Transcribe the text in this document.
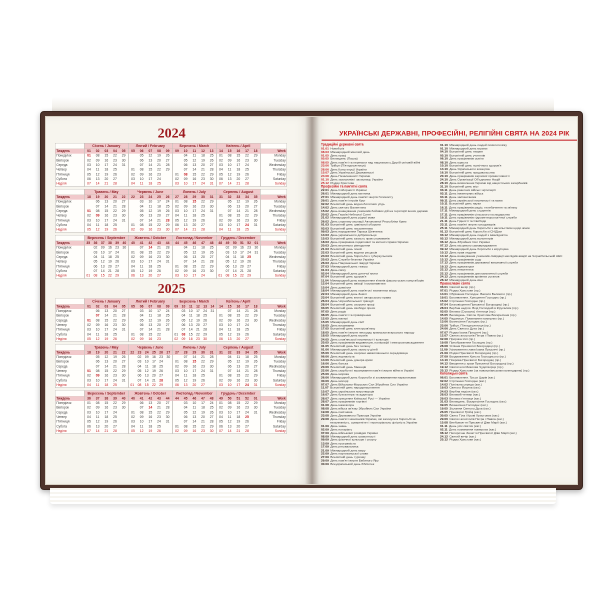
2024
Тиждень
Понеділок
Вівторок
Середа
Четвер
П'ятниця
Субота
Неділя
Січень / January
01 02 03 04 05
01 08 15 22 29
02 09 16 23 30
03 10 17 24 31
04 11 18 25
05 12 19 26
06 13 20 27
07 14 21 28
Лютий / February
05 06 07 08 09
05 12 19 26
06 13 20 27
07 14 21 28
01 08 15 22 29
02 09 16 23
03 10 17 24
04 11 18 25
Березень / March
09 10 11 12 13
04 11 18 25
05 12 19 26
06 13 20 27
07 14 21 28
01 08 15 22 29
02 09 16 23 30
03 10 17 24 31
Квітень / April
14 15 16 17 18
01 08 15 22 29
02 09 16 23 30
03 10 17 24
04 11 18 25
05 12 19 26
06 13 20 27
07 14 21 28
Week
Monday
Tuesday
Wednesday
Thursday
Friday
Saturday
Sunday
Тиждень
Понеділок
Вівторок
Середа
Четвер
П'ятниця
Субота
Неділя
Травень / May
18 19 20 21 22
06 13 20 27
07 14 21 28
01 08 15 22 29
02 09 16 23 30
03 10 17 24 31
04 11 18 25
05 12 19 26
Червень / June
22 23 24 25 26
03 10 17 24
04 11 18 25
05 12 19 26
06 13 20 27
07 14 21 28
01 08 15 22 29
02 09 16 23 30
Липень / July
27 28 29 30 31
01 08 15 22 29
02 09 16 23 30
03 10 17 24 31
04 11 18 25
05 12 19 26
06 13 20 27
07 14 21 28
Серпень / August
31 32 33 34 35
05 12 19 26
06 13 20 27
07 14 21 28
01 08 15 22 29
02 09 16 23 30
03 10 17 24 31
04 11 18 25
Week
Monday
Tuesday
Wednesday
Thursday
Friday
Saturday
Sunday
Тиждень
Понеділок
Вівторок
Середа
Четвер
П'ятниця
Субота
Неділя
Вересень / September
35 36 37 38 39 40
02 09 16 23 30
03 10 17 24
04 11 18 25
05 12 19 26
06 13 20 27
07 14 21 28
01 08 15 22 29
Жовтень / October
40 41 42 43 44
07 14 21 28
01 08 15 22 29
02 09 16 23 30
03 10 17 24 31
04 11 18 25
05 12 19 26
06 13 20 27
Листопад / November
44 45 46 47 48
04 11 18 25
05 12 19 26
06 13 20 27
07 14 21 28
01 08 15 22 29
02 09 16 23 30
03 10 17 24
Грудень / December
48 49 50 51 52 01
02 09 16 23 30
03 10 17 24 31
04 11 18 25
05 12 19 26
06 13 20 27
07 14 21 28
01 08 15 22 29
Week
Monday
Tuesday
Wednesday
Thursday
Friday
Saturday
Sunday
2025
Тиждень
Понеділок
Вівторок
Середа
Четвер
П'ятниця
Субота
Неділя
Січень / January
01 02 03 04 05
06 13 20 27
07 14 21 28
01 08 15 22 29
02 09 16 23 30
03 10 17 24 31
04 11 18 25
05 12 19 26
Лютий / February
05 06 07 08 09
03 10 17 24
04 11 18 25
05 12 19 26
06 13 20 27
07 14 21 28
01 08 15 22
02 09 16 23
Березень / March
09 10 11 12 13 14
03 10 17 24 31
04 11 18 25
05 12 19 26
06 13 20 27
07 14 21 28
01 08 15 22 29
02 09 16 23 30
Квітень / April
14 15 16 17 18
07 14 21 28
01 08 15 22 29
02 09 16 23 30
03 10 17 24
04 11 18 25
05 12 19 26
06 13 20 27
Week
Monday
Tuesday
Wednesday
Thursday
Friday
Saturday
Sunday
Тиждень
Понеділок
Вівторок
Середа
Четвер
П'ятниця
Субота
Неділя
Травень / May
18 19 20 21 22
05 12 19 26
06 13 20 27
07 14 21 28
01 08 15 22 29
02 09 16 23 30
03 10 17 24 31
04 11 18 25
Червень / June
22 23 24 25 26 27
02 09 16 23 30
03 10 17 24
04 11 18 25
05 12 19 26
06 13 20 27
07 14 21 28
01 08 15 22 29
Липень / July
27 28 29 30 31
07 14 21 28
01 08 15 22 29
02 09 16 23 30
03 10 17 24 31
04 11 18 25
05 12 19 26
06 13 20 27
Серпень / August
31 32 33 34 35
04 11 18 25
05 12 19 26
06 13 20 27
07 14 21 28
01 08 15 22 29
02 09 16 23 30
03 10 17 24 31
Week
Monday
Tuesday
Wednesday
Thursday
Friday
Saturday
Sunday
Тиждень
Понеділок
Вівторок
Середа
Четвер
П'ятниця
Субота
Неділя
Вересень / September
36 37 38 39 40
01 08 15 22 29
02 09 16 23 30
03 10 17 24
04 11 18 25
05 12 19 26
06 13 20 27
07 14 21 28
Жовтень / October
40 41 42 43 44
06 13 20 27
07 14 21 28
01 08 15 22 29
02 09 16 23 30
03 10 17 24 31
04 11 18 25
05 12 19 26
Листопад / November
44 45 46 47 48
03 10 17 24
04 11 18 25
05 12 19 26
06 13 20 27
07 14 21 28
01 08 15 22 29
02 09 16 23 30
Грудень / December
49 50 51 52 01
01 08 15 22 29
02 09 16 23 30
03 10 17 24 31
04 11 18 25
05 12 19 26
06 13 20 27
07 14 21 28
Week
Monday
Tuesday
Wednesday
Thursday
Friday
Saturday
Sunday
УКРАЇНСЬКІ ДЕРЖАВНІ, ПРОФЕСІЙНІ, РЕЛІГІЙНІ СВЯТА НА 2024 РІК
Традиційні державні свята
01.01 Новий рік
08.03 Міжнародний жіночий день
01.05 День праці
05.05 Великдень (Пасха)
08.05 День пам'яті та перемоги над нацизмом у Другій світовій війні
23.06 Трійця (П'ятидесятниця)
28.06 День Конституції України
15.07 День Української Державності
24.08 День Незалежності України
01.10 День захисників і захисниць України
25.12 Різдво Христове
Професійні та пам'ятні свята
22.01 День Соборності України
26.01 Міжнародний день митника
27.01 Міжнародний день пам'яті жертв Голокосту
29.01 День пам'яті героїв Крут
02.02 Всесвітній день водно-болотних угідь
14.02 День святого Валентина
15.02 День вшанування учасників бойових дій на території інших держав
20.02 День Героїв Небесної Сотні
21.02 Міжнародний день рідної мови
26.02 День спротиву окупації Автономної Республіки Крим
01.03 Всесвітній день цивільної оборони
03.03 Всесвітній день письменника
09.03 День народження Тараса Шевченка
14.03 День українського добровольця
15.03 Всесвітній день захисту прав споживачів
18.03 День працівника податкової та митної справи України
20.03 День весняного рівнодення
21.03 Всесвітній день поезії
22.03 Всесвітній день водних ресурсів
24.03 Всесвітній день боротьби з туберкульозом
25.03 День Служби безпеки України
26.03 День Національної гвардії України
27.03 Міжнародний день театру
01.04 День сміху
02.04 Міжнародний день дитячої книги
07.04 Всесвітній день здоров'я
11.04 Міжнародний день визволення в'язнів фашистських концтаборів
12.04 Всесвітній день авіації і космонавтики
15.04 День довкілля
18.04 Міжнародний день пам'яток і визначних місць
22.04 Міжнародний день Землі
23.04 Всесвітній день книги і авторського права
26.04 День Чорнобильської трагедії
28.04 Всесвітній день охорони праці
03.05 Всесвітній день свободи преси
07.05 День радіо
08.05 День пам'яті та примирення
12.05 День матері
15.05 Міжнародний день сім'ї
16.05 День вишиванки
17.05 Всесвітній день електрозв'язку
18.05 День пам'яті жертв геноциду кримськотатарського народу
18.05 Міжнародний день музеїв
24.05 День слов'янської писемності і культури
25.05 День працівників видавництв, поліграфії і книгорозповсюдження
31.05 Всесвітній день без тютюну
01.06 Міжнародний день захисту дітей
05.06 Всесвітній день охорони навколишнього середовища
06.06 День журналіста
14.06 Всесвітній день донора крові
16.06 День батька
20.06 Всесвітній день біженців
22.06 День скорботи і вшанування пам'яті жертв війни в Україні
25.06 День моряка
26.06 Міжнародний день боротьби зі зловживанням наркотиками
30.06 День молоді
07.07 День Військово-Морських Сил Збройних Сил України
11.07 Всесвітній день народонаселення
15.07 День українських миротворців
16.07 День бухгалтера та аудитора
28.07 День хрещення Київської Русі — України
28.07 День працівників торгівлі
01.08 День інкасатора
08.08 День військ зв'язку Збройних Сил України
19.08 День пасічника
23.08 День Державного Прапора України
29.08 День пам'яті захисників України, які загинули в боротьбі за незалежність, суверенітет і територіальну цілісність України
01.09 День знань
02.09 День нотаріату
07.09 День військової розвідки України
08.09 Міжнародний день грамотності
09.09 День фізичної культури і спорту
13.09 День програміста
17.09 День рятувальника
21.09 Міжнародний день миру
22.09 День партизанської слави
27.09 Всесвітній день туризму
29.09 День пам'яті жертв Бабиного Яру
30.09 Всеукраїнський день бібліотек
01.10 Міжнародний день людей похилого віку
01.10 Міжнародний день музики
04.10 Всесвітній день тварин
05.10 Всесвітній день учителів
06.10 День працівників освіти
08.10 День юриста
10.10 Всесвітній день психічного здоров'я
14.10 День Українського козацтва
16.10 Всесвітній день продовольства
20.10 День працівників харчової промисловості
24.10 День Організації Об'єднаних Націй
28.10 День визволення України від нацистських загарбників
31.10 Всесвітній день міст
03.11 День ракетних військ і артилерії
03.11 День інженерних військ
04.11 День залізничника
09.11 День української писемності та мови
10.11 Всесвітній день науки
16.11 День працівників радіо, телебачення та зв'язку
17.11 Міжнародний день студентів
17.11 День працівників сільського господарства
19.11 День працівників гідрометеорологічної служби
21.11 День Гідності та Свободи
23.11 День пам'яті жертв голодоморів
25.11 Міжнародний день боротьби з насильством щодо жінок
01.12 Всесвітній день боротьби зі СНІДом
03.12 Міжнародний день людей з інвалідністю
05.12 Міжнародний день волонтерів
06.12 День Збройних Сил України
07.12 День місцевого самоврядування
09.12 Міжнародний день боротьби з корупцією
10.12 День прав людини
14.12 День вшанування учасників ліквідації наслідків аварії на Чорнобильській АЕС
15.12 День працівників суду
17.12 День працівників державної виконавчої служби
19.12 День адвокатури
22.12 День енергетика
22.12 День працівників дипломатичної служби
24.12 День працівників архівних установ
28.12 Міжнародний день кіно
Православні свята
06.01 Святий вечір (пр.)
07.01 Різдво Христове (пр.)
14.01 Обрізання Господнє. Василя Великого (пр.)
19.01 Богоявлення. Хрещення Господнє (пр.)
15.02 Стрітення Господнє (пр.)
07.04 Благовіщення Пресвятої Богородиці (пр.)
28.04 Вербна неділя. Вхід Господній в Єрусалим (пр.)
03.05 Велика (Страсна) п'ятниця (пр.)
05.05 Великдень. Світле Христове Воскресіння (пр.)
14.05 Радониця. Поминання померлих (пр.)
13.06 Вознесіння Господнє (пр.)
23.06 Трійця. П'ятидесятниця (пр.)
24.06 День Святого Духа (пр.)
07.07 Різдво Іоана Предтечі (пр.)
12.07 Святих апостолів Петра і Павла (пр.)
02.08 Пророка Іллі (пр.)
19.08 Преображення Господнє (пр.)
28.08 Успіння Пресвятої Богородиці (пр.)
11.09 Усікновення глави Іоана Предтечі (пр.)
21.09 Різдво Пресвятої Богородиці (пр.)
27.09 Воздвиження Хреста Господнього (пр.)
14.10 Покрова Пресвятої Богородиці (пр.)
04.12 Введення у храм Пресвятої Богородиці (пр.)
19.12 Святителя Миколая Чудотворця (пр.)
25.12 Різдво Христове (за новоюліанським календарем) (пр.)
Католицькі свята
06.01 Богоявлення. Трьох Царів (кат.)
02.02 Стрітення Господнє (кат.)
14.02 Попільна середа (кат.)
19.03 Святого Йосипа (кат.)
24.03 Вербна неділя (кат.)
28.03 Великий четвер (кат.)
29.03 Велика п'ятниця (кат.)
31.03 Великдень. Воскресіння Господнє (кат.)
09.05 Вознесіння Господнє (кат.)
19.05 Зіслання Святого Духа (кат.)
26.05 Пресвятої Трійці (кат.)
30.05 Свято Тіла і Крові Христових (кат.)
29.06 Святих апостолів Петра і Павла (кат.)
15.08 Внебовзяття Пресвятої Діви Марії (кат.)
01.11 День усіх святих (кат.)
02.11 День поминання померлих (кат.)
08.12 Непорочне Зачаття Пресвятої Діви Марії (кат.)
24.12 Святий вечір (кат.)
25.12 Різдво Христове (кат.)
